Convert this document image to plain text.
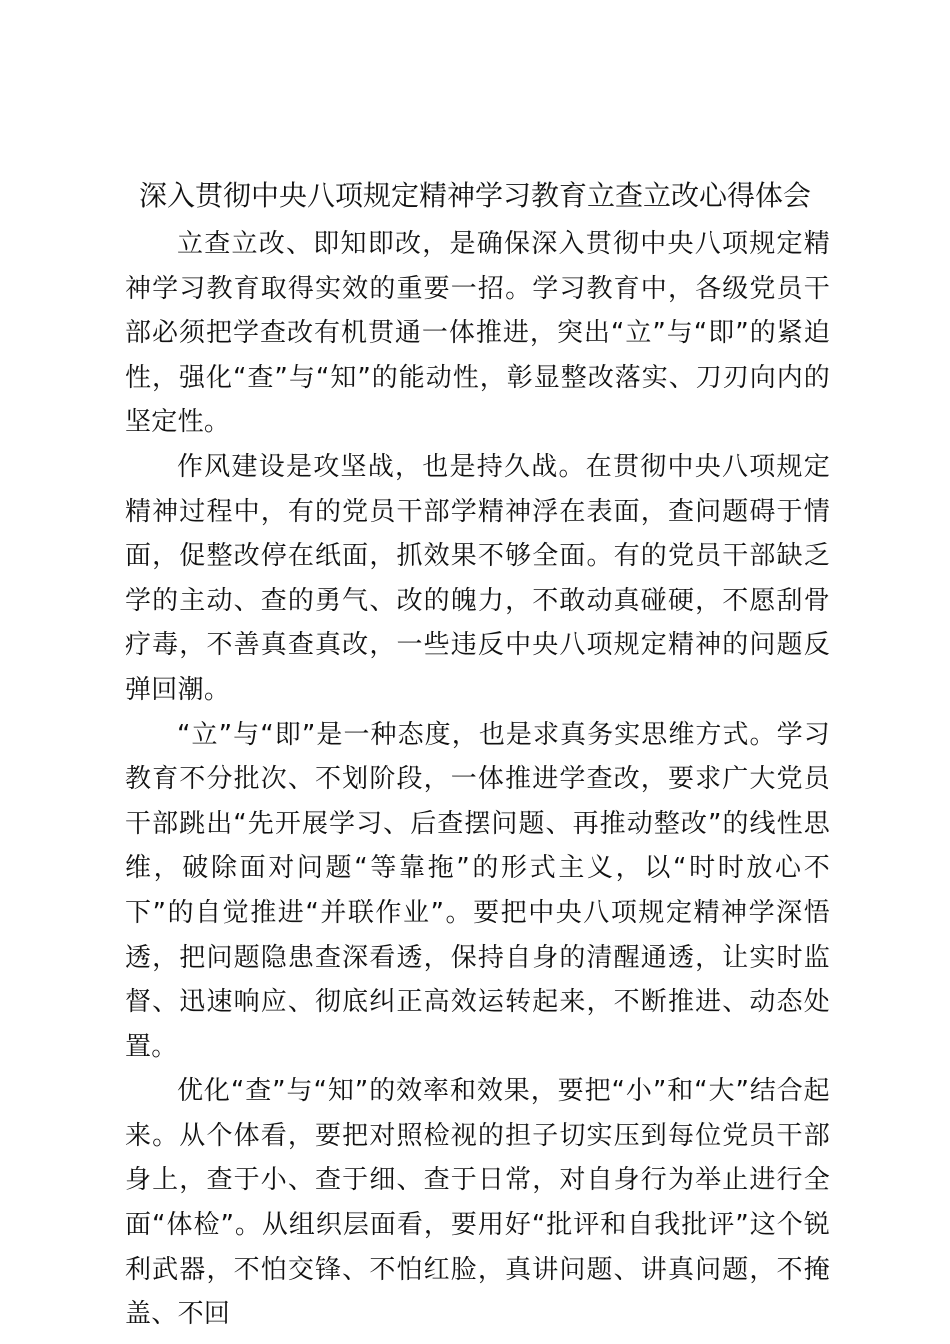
深入贯彻中央八项规定精神学习教育立查立改心得体会

立查立改、即知即改，是确保深入贯彻中央八项规定精神学习教育取得实效的重要一招。学习教育中，各级党员干部必须把学查改有机贯通一体推进，突出“立”与“即”的紧迫性，强化“查”与“知”的能动性，彰显整改落实、刀刃向内的坚定性。

作风建设是攻坚战，也是持久战。在贯彻中央八项规定精神过程中，有的党员干部学精神浮在表面，查问题碍于情面，促整改停在纸面，抓效果不够全面。有的党员干部缺乏学的主动、查的勇气、改的魄力，不敢动真碰硬，不愿刮骨疗毒，不善真查真改，一些违反中央八项规定精神的问题反弹回潮。

“立”与“即”是一种态度，也是求真务实思维方式。学习教育不分批次、不划阶段，一体推进学查改，要求广大党员干部跳出“先开展学习、后查摆问题、再推动整改”的线性思维，破除面对问题“等靠拖”的形式主义，以“时时放心不下”的自觉推进“并联作业”。要把中央八项规定精神学深悟透，把问题隐患查深看透，保持自身的清醒通透，让实时监督、迅速响应、彻底纠正高效运转起来，不断推进、动态处置。

优化“查”与“知”的效率和效果，要把“小”和“大”结合起来。从个体看，要把对照检视的担子切实压到每位党员干部身上，查于小、查于细、查于日常，对自身行为举止进行全面“体检”。从组织层面看，要用好“批评和自我批评”这个锐利武器，不怕交锋、不怕红脸，真讲问题、讲真问题，不掩盖、不回
